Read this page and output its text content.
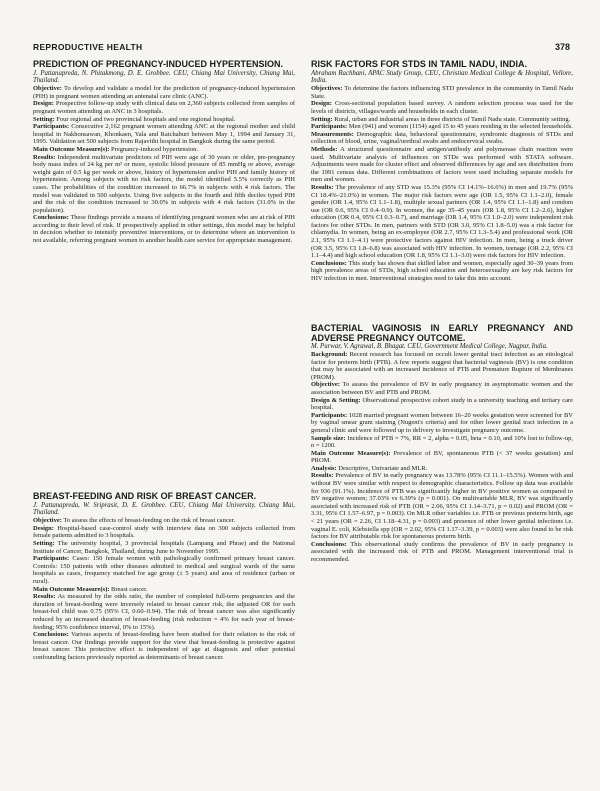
REPRODUCTIVE HEALTH	378
PREDICTION OF PREGNANCY-INDUCED HYPERTENSION.
J. Pattanapreda, N. Phitakmong, D. E. Grobbee. CEU, Chiang Mai University, Chiang Mai, Thailand.

Objective: To develop and validate a model for the prediction of pregnancy-induced hypertension (PIH) in pregnant women attending an antenatal care clinic (ANC).

Design: Prospective follow-up study with clinical data on 2,360 subjects collected from samples of pregnant women attending an ANC in 3 hospitals.

Setting: Four regional and two provincial hospitals and one regional hospital.

Participants: Consecutive 2,162 pregnant women attending ANC at the regional mother and child hospital in Nakhonsawan, Khonkaen, Yala and Ratchaburi between May 1, 1994 and January 31, 1995. Validation set 500 subjects from Rajavithi hospital in Bangkok during the same period.

Main Outcome Measure(s): Pregnancy-induced hypertension.

Results: Independent multivariate predictors of PIH were age of 30 years or older, pre-pregnancy body mass index of 24 kg per m² or more, systolic blood pressure of 85 mmHg or above, average weight gain of 0.5 kg per week or above, history of hypertension and/or PIH and family history of hypertension. Among subjects with no risk factors, the model identified 5.5% correctly as PIH cases. The probabilities of the condition increased to 66.7% in subjects with 4 risk factors. The model was validated in 500 subjects. Using five subjects in the fourth and fifth deciles typed PIH and the risk of the condition increased to 30.0% in subjects with 4 risk factors (31.0% in the population).

Conclusions: These findings provide a means of identifying pregnant women who are at risk of PIH according to their level of risk. If prospectively applied in other settings, this model may be helpful in decision whether to intensify preventive interventions, or to determine where an intervention is not available, referring pregnant women to another health care service for appropriate management.

BREAST-FEEDING AND RISK OF BREAST CANCER.
J. Pattanapreda, W. Sriprasit, D. E. Grobbee. CEU, Chiang Mai University, Chiang Mai, Thailand.

Objective: To assess the effects of breast-feeding on the risk of breast cancer.

Design: Hospital-based case-control study with interview data on 300 subjects collected from female patients admitted to 3 hospitals.

Setting: The university hospital, 3 provincial hospitals (Lampang and Phrae) and the National Institute of Cancer, Bangkok, Thailand, during June to November 1995.

Participants: Cases: 150 female women with pathologically confirmed primary breast cancer. Controls: 150 patients with other diseases admitted to medical and surgical wards of the same hospitals as cases, frequency matched for age group (± 5 years) and area of residence (urban or rural).

Main Outcome Measure(s): Breast cancer.

Results: As measured by the odds ratio, the number of completed full-term pregnancies and the duration of breast-feeding were inversely related to breast cancer risk, the adjusted OR for each breast-fed child was 0.75 (95% CI, 0.60–0.94). The risk of breast cancer was also significantly reduced by an increased duration of breast-feeding (risk reduction = 4% for each year of breast-feeding; 95% confidence interval, 0% to 15%).

Conclusions: Various aspects of breast-feeding have been studied for their relation to the risk of breast cancer. Our findings provide support for the view that breast-feeding is protective against breast cancer. This protective effect is independent of age at diagnosis and other potential confounding factors previously reported as determinants of breast cancer.

RISK FACTORS FOR STDS IN TAMIL NADU, INDIA.
Abraham Rachbani, APAC Study Group, CEU, Christian Medical College & Hospital, Vellore, India.

Objectives: To determine the factors influencing STD prevalence in the community in Tamil Nadu State.

Design: Cross-sectional population based survey. A random selection process was used for the levels of districts, villages/wards and households in each cluster.

Setting: Rural, urban and industrial areas in three districts of Tamil Nadu state. Community setting.

Participants: Men (941) and women (1154) aged 15 to 45 years residing in the selected households.

Measurements: Demographic data, behavioral questionnaire, syndromic diagnosis of STDs and collection of blood, urine, vaginal/urethral swabs and endocervical swabs.

Methods: A structured questionnaire and antigen/antibody and polymerase chain reaction were used. Multivariate analysis of influences on STDs was performed with STATA software. Adjustments were made for cluster effect and observed differences by age and sex distribution from the 1991 census data. Different combinations of factors were used including separate models for men and women.

Results: The prevalence of any STD was 15.3% (95% CI 14.1%–16.6%) in men and 19.7% (95% CI 18.4%–21.0%) in women. The major risk factors were age (OR 1.5, 95% CI 1.1–2.0), female gender (OR 1.4, 95% CI 1.1–1.8), multiple sexual partners (OR 1.4, 95% CI 1.1–1.8) and condom use (OR 0.6, 95% CI 0.4–0.9). In women, the age 35–45 years (OR 1.8, 95% CI 1.2–2.6), higher education (OR 0.4, 95% CI 0.3–0.7), and marriage (OR 1.4, 95% CI 1.0–2.0) were independent risk factors for other STDs. In men, partners with STD (OR 3.0, 95% CI 1.8–5.0) was a risk factor for chlamydia. In women, being an ex-employee (OR 2.7, 95% CI 1.3–5.4) and professional work (OR 2.1, 95% CI 1.1–4.1) were protective factors against HIV infection. In men, being a truck driver (OR 3.5, 95% CI 1.8–6.8) was associated with HIV infection. In women, teenage (OR 2.2, 95% CI 1.1–4.4) and high school education (OR 1.8, 95% CI 1.1–3.0) were risk factors for HIV infection.

Conclusions: This study has shown that skilled labor and women, especially aged 30–39 years from high prevalence areas of STDs, high school education and heterosexuality are key risk factors for HIV infection in men. Interventional strategies need to take this into account.

BACTERIAL VAGINOSIS IN EARLY PREGNANCY AND ADVERSE PREGNANCY OUTCOME.
M. Purwar, V. Agrawal, B. Bhagat. CEU, Government Medical College, Nagpur, India.

Background: Recent research has focused on occult lower genital tract infection as an etiological factor for preterm birth (PTB). A few reports suggest that bacterial vaginosis (BV) is one condition that may be associated with an increased incidence of PTB and Premature Rupture of Membranes (PROM).

Objective: To assess the prevalence of BV in early pregnancy in asymptomatic women and the association between BV and PTB and PROM.

Design & Setting: Observational prospective cohort study in a university teaching and tertiary care hospital.

Participants: 1028 married pregnant women between 16–20 weeks gestation were screened for BV by vaginal smear gram staining (Nugent's criteria) and for other lower genital tract infection in a general clinic and were followed up to delivery to investigate pregnancy outcome.

Sample size: Incidence of PTB = 7%, RR = 2, alpha = 0.05, beta = 0.10, and 10% lost to follow-up, n = 1200.

Main Outcome Measure(s): Prevalence of BV, spontaneous PTB (< 37 weeks gestation) and PROM.

Analysis: Descriptive, Univariate and MLR.

Results: Prevalence of BV in early pregnancy was 13.78% (95% CI 11.1–15.5%). Women with and without BV were similar with respect to demographic characteristics. Follow up data was available for 936 (91.1%). Incidence of PTB was significantly higher in BV positive women as compared to BV negative women; 37.03% vs 6.39% (p = 0.001). On multivariable MLR, BV was significantly associated with increased risk of PTB (OR = 2.06, 95% CI 1.14–3.71, p = 0.02) and PROM (OR = 3.31, 95% CI 1.57–6.97, p = 0.003). On MLR other variables i.e. PTB or previous preterm birth, age < 21 years (OR = 2.26, CI 1.18–4.31, p = 0.003) and presence of other lower genital infections i.e. vaginal E. coli, Klebsiella spp (OR = 2.02, 95% CI 1.17–3.39, p = 0.003) were also found to be risk factors for BV attributable risk for spontaneous preterm birth.

Conclusions: This observational study confirms the prevalence of BV in early pregnancy is associated with the increased risk of PTB and PROM. Management interventional trial is recommended.
